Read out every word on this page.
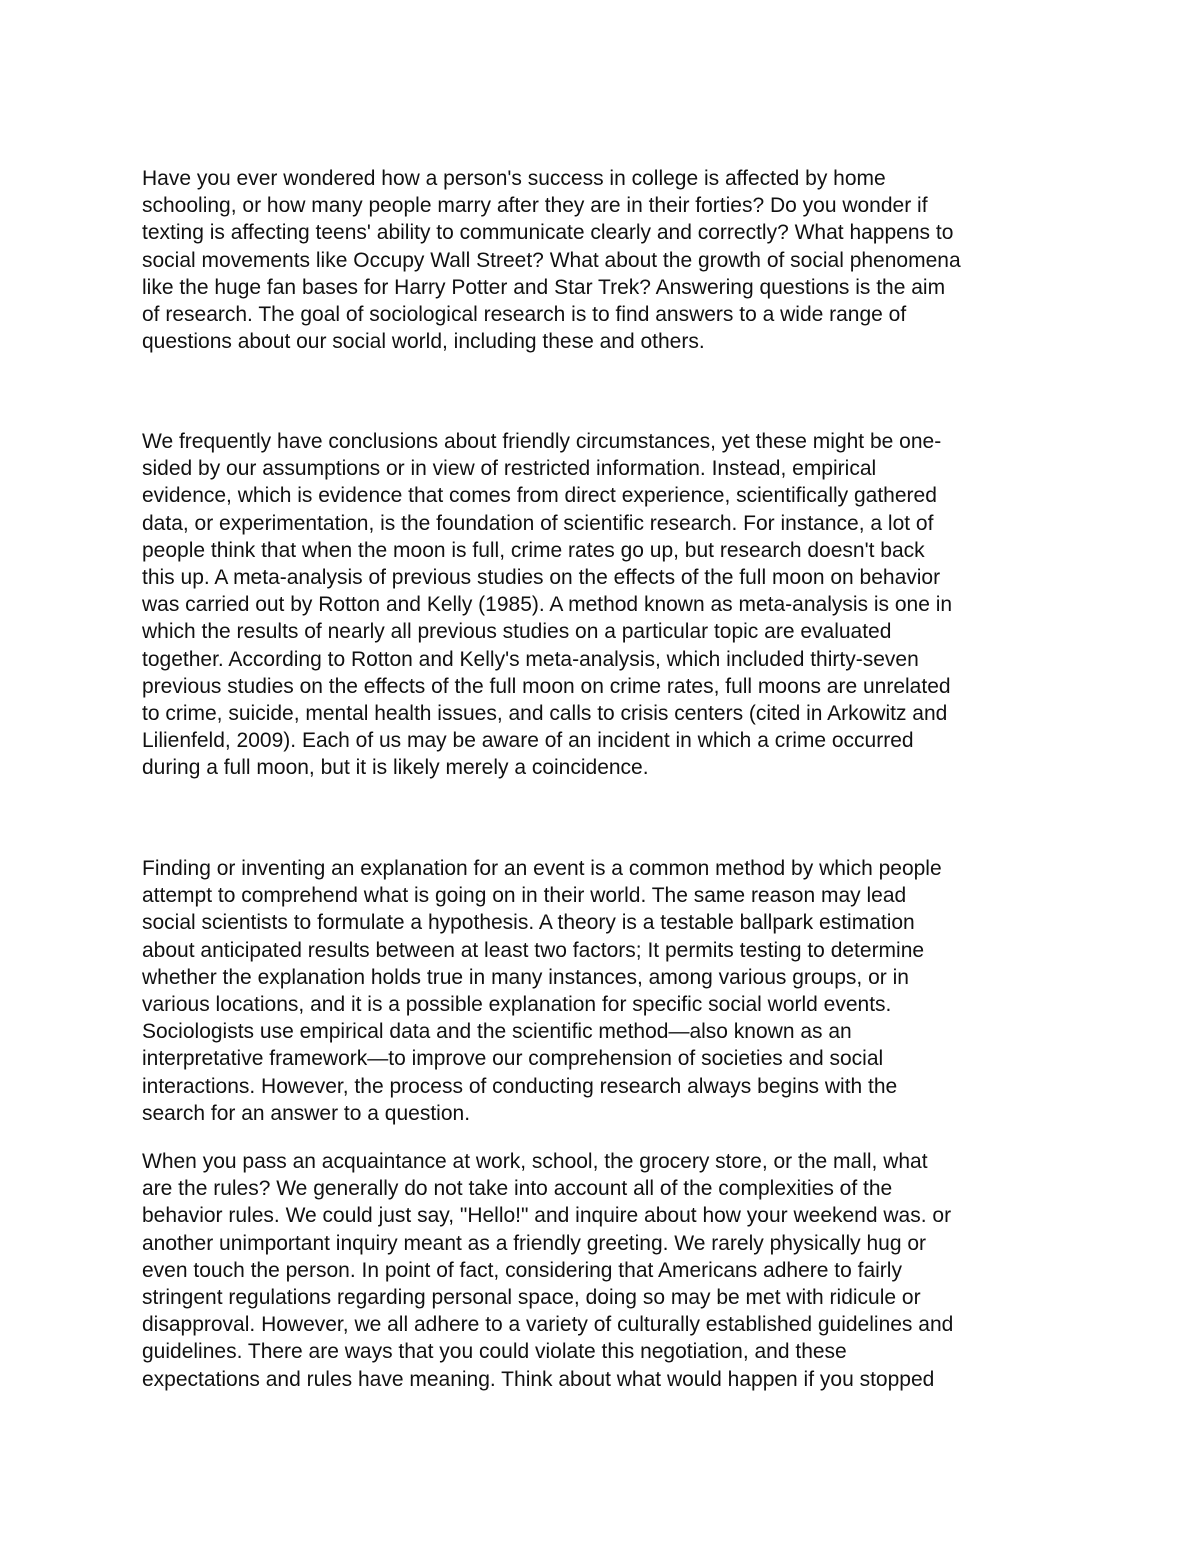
Have you ever wondered how a person's success in college is affected by home
schooling, or how many people marry after they are in their forties? Do you wonder if
texting is affecting teens' ability to communicate clearly and correctly? What happens to
social movements like Occupy Wall Street? What about the growth of social phenomena
like the huge fan bases for Harry Potter and Star Trek? Answering questions is the aim
of research. The goal of sociological research is to find answers to a wide range of
questions about our social world, including these and others.
We frequently have conclusions about friendly circumstances, yet these might be one-
sided by our assumptions or in view of restricted information. Instead, empirical
evidence, which is evidence that comes from direct experience, scientifically gathered
data, or experimentation, is the foundation of scientific research. For instance, a lot of
people think that when the moon is full, crime rates go up, but research doesn't back
this up. A meta-analysis of previous studies on the effects of the full moon on behavior
was carried out by Rotton and Kelly (1985). A method known as meta-analysis is one in
which the results of nearly all previous studies on a particular topic are evaluated
together. According to Rotton and Kelly's meta-analysis, which included thirty-seven
previous studies on the effects of the full moon on crime rates, full moons are unrelated
to crime, suicide, mental health issues, and calls to crisis centers (cited in Arkowitz and
Lilienfeld, 2009). Each of us may be aware of an incident in which a crime occurred
during a full moon, but it is likely merely a coincidence.
Finding or inventing an explanation for an event is a common method by which people
attempt to comprehend what is going on in their world. The same reason may lead
social scientists to formulate a hypothesis. A theory is a testable ballpark estimation
about anticipated results between at least two factors; It permits testing to determine
whether the explanation holds true in many instances, among various groups, or in
various locations, and it is a possible explanation for specific social world events.
Sociologists use empirical data and the scientific method—also known as an
interpretative framework—to improve our comprehension of societies and social
interactions. However, the process of conducting research always begins with the
search for an answer to a question.
When you pass an acquaintance at work, school, the grocery store, or the mall, what
are the rules? We generally do not take into account all of the complexities of the
behavior rules. We could just say, "Hello!" and inquire about how your weekend was. or
another unimportant inquiry meant as a friendly greeting. We rarely physically hug or
even touch the person. In point of fact, considering that Americans adhere to fairly
stringent regulations regarding personal space, doing so may be met with ridicule or
disapproval. However, we all adhere to a variety of culturally established guidelines and
guidelines. There are ways that you could violate this negotiation, and these
expectations and rules have meaning. Think about what would happen if you stopped
